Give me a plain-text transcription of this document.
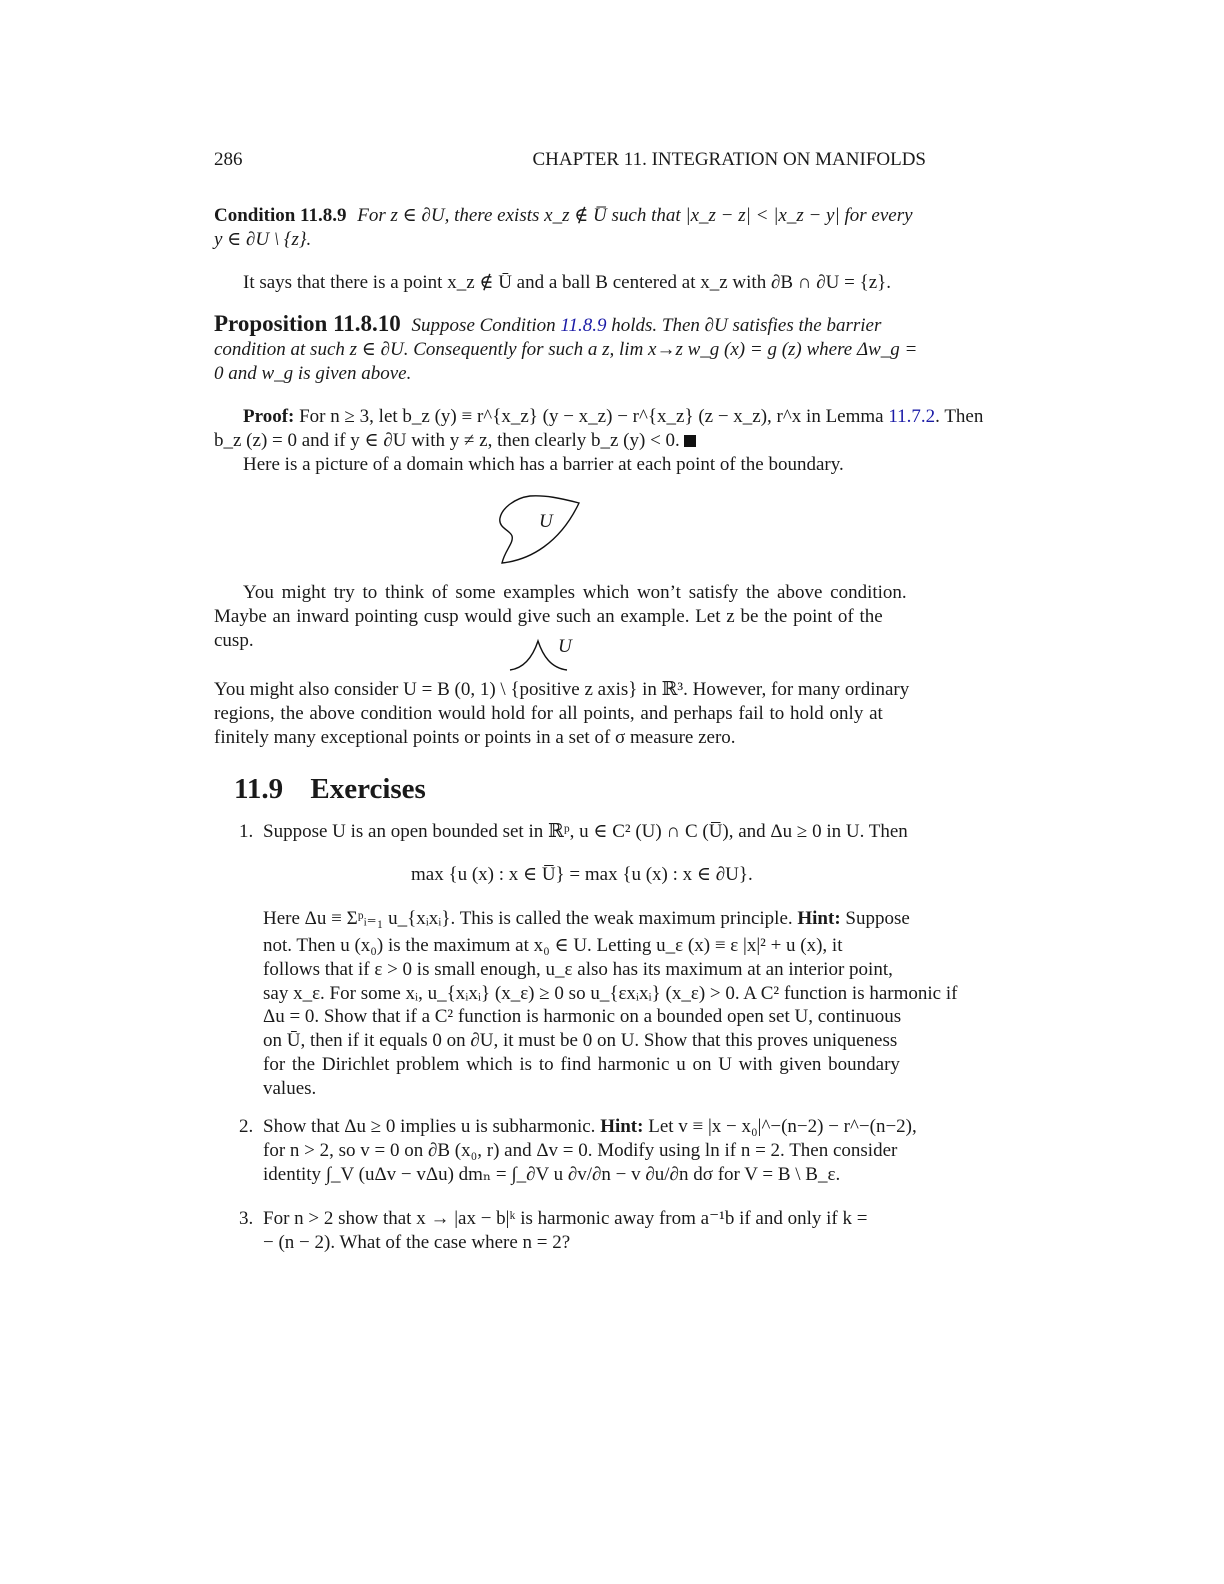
286	CHAPTER 11. INTEGRATION ON MANIFOLDS
Condition 11.8.9 For z ∈ ∂U, there exists x_z ∉ U̅ such that |x_z − z| < |x_z − y| for every
y ∈ ∂U \ {z}.
It says that there is a point x_z ∉ Ū and a ball B centered at x_z with ∂B ∩ ∂U = {z}.
Proposition 11.8.10 Suppose Condition 11.8.9 holds. Then ∂U satisfies the barrier
condition at such z ∈ ∂U. Consequently for such a z, lim x→z w_g (x) = g (z) where Δw_g =
0 and w_g is given above.
Proof: For n ≥ 3, let b_z (y) ≡ r^{x_z} (y − x_z) − r^{x_z} (z − x_z), r^x in Lemma 11.7.2. Then
b_z (z) = 0 and if y ∈ ∂U with y ≠ z, then clearly b_z (y) < 0.
Here is a picture of a domain which has a barrier at each point of the boundary.
U
You might try to think of some examples which won’t satisfy the above condition.
Maybe an inward pointing cusp would give such an example. Let z be the point of the
cusp.	U
You might also consider U = B (0, 1) \ {positive z axis} in ℝ³. However, for many ordinary
regions, the above condition would hold for all points, and perhaps fail to hold only at
finitely many exceptional points or points in a set of σ measure zero.
11.9 Exercises
1. Suppose U is an open bounded set in ℝᵖ, u ∈ C² (U) ∩ C (U̅), and Δu ≥ 0 in U. Then
max {u (x) : x ∈ U̅} = max {u (x) : x ∈ ∂U}.
Here Δu ≡ Σᵖᵢ₌₁ u_{xᵢxᵢ}. This is called the weak maximum principle. Hint: Suppose
not. Then u (x₀) is the maximum at x₀ ∈ U. Letting u_ε (x) ≡ ε |x|² + u (x), it
follows that if ε > 0 is small enough, u_ε also has its maximum at an interior point,
say x_ε. For some xᵢ, u_{xᵢxᵢ} (x_ε) ≥ 0 so u_{εxᵢxᵢ} (x_ε) > 0. A C² function is harmonic if
Δu = 0. Show that if a C² function is harmonic on a bounded open set U, continuous
on Ū, then if it equals 0 on ∂U, it must be 0 on U. Show that this proves uniqueness
for the Dirichlet problem which is to find harmonic u on U with given boundary
values.
2. Show that Δu ≥ 0 implies u is subharmonic. Hint: Let v ≡ |x − x₀|^−(n−2) − r^−(n−2),
for n > 2, so v = 0 on ∂B (x₀, r) and Δv = 0. Modify using ln if n = 2. Then consider
identity ∫_V (uΔv − vΔu) dmₙ = ∫_∂V u ∂v/∂n − v ∂u/∂n dσ for V = B \ B_ε.
3. For n > 2 show that x → |ax − b|ᵏ is harmonic away from a⁻¹b if and only if k =
− (n − 2). What of the case where n = 2?
